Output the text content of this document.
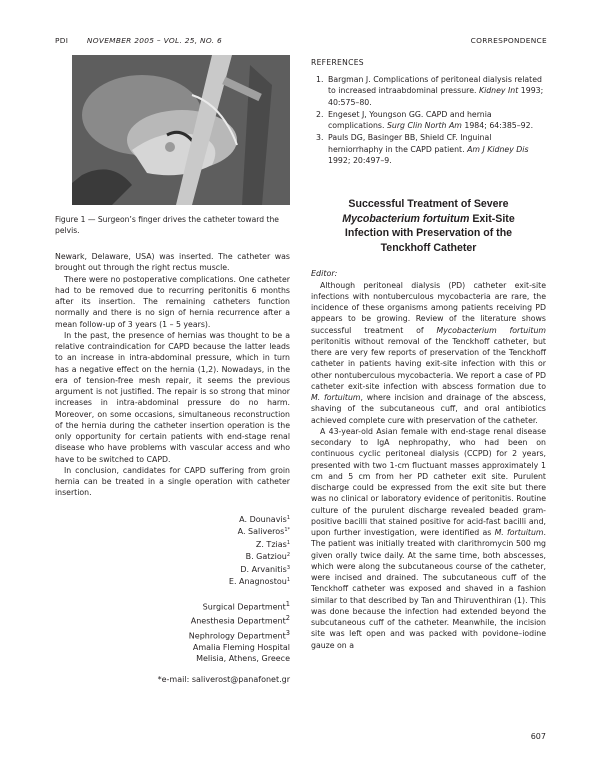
PDI	NOVEMBER 2005 – VOL. 25, NO. 6	CORRESPONDENCE
Figure 1 — Surgeon’s finger drives the catheter toward the pelvis.

Newark, Delaware, USA) was inserted. The catheter was brought out through the right rectus muscle.

There were no postoperative complications. One catheter had to be removed due to recurring peritonitis 6 months after its insertion. The remaining catheters function normally and there is no sign of hernia recurrence after a mean follow-up of 3 years (1 – 5 years).

In the past, the presence of hernias was thought to be a relative contraindication for CAPD because the latter leads to an increase in intra-abdominal pressure, which in turn has a negative effect on the hernia (1,2). Nowadays, in the era of tension-free mesh repair, it seems the previous argument is not justified. The repair is so strong that minor increases in intra-abdominal pressure do no harm. Moreover, on some occasions, simultaneous reconstruction of the hernia during the catheter insertion operation is the only opportunity for certain patients with end-stage renal disease who have problems with vascular access and who have to be switched to CAPD.

In conclusion, candidates for CAPD suffering from groin hernia can be treated in a single operation with catheter insertion.

A. Dounavis$^1$
A. Saliveros$^{1*}$
Z. Tzias$^1$
B. Gatziou$^2$
D. Arvanitis$^3$
E. Anagnostou$^1$
Surgical Department$^1$
Anesthesia Department$^2$
Nephrology Department$^3$
Amalia Fleming Hospital
Melisia, Athens, Greece
*e-mail: saliverost@panafonet.gr
REFERENCES
1. Bargman J. Complications of peritoneal dialysis related to increased intraabdominal pressure. Kidney Int 1993; 40:575–80.
2. Engeset J, Youngson GG. CAPD and hernia complications. Surg Clin North Am 1984; 64:385–92.
3. Pauls DG, Basinger BB, Shield CF. Inguinal herniorrhaphy in the CAPD patient. Am J Kidney Dis 1992; 20:497–9.
Successful Treatment of Severe
Mycobacterium fortuitum Exit-Site
Infection with Preservation of the
Tenckhoff Catheter
Editor:

Although peritoneal dialysis (PD) catheter exit-site infections with nontuberculous mycobacteria are rare, the incidence of these organisms among patients receiving PD appears to be growing. Review of the literature shows successful treatment of Mycobacterium fortuitum peritonitis without removal of the Tenckhoff catheter, but there are very few reports of preservation of the Tenckhoff catheter in patients having exit-site infection with this or other nontuberculous mycobacteria. We report a case of PD catheter exit-site infection with abscess formation due to M. fortuitum, where incision and drainage of the abscess, shaving of the subcutaneous cuff, and oral antibiotics achieved complete cure with preservation of the catheter.

A 43-year-old Asian female with end-stage renal disease secondary to IgA nephropathy, who had been on continuous cyclic peritoneal dialysis (CCPD) for 2 years, presented with two 1-cm fluctuant masses approximately 1 cm and 5 cm from her PD catheter exit site. Purulent discharge could be expressed from the exit site but there was no clinical or laboratory evidence of peritonitis. Routine culture of the purulent discharge revealed beaded gram-positive bacilli that stained positive for acid-fast bacilli and, upon further investigation, were identified as M. fortuitum. The patient was initially treated with clarithromycin 500 mg given orally twice daily. At the same time, both abscesses, which were along the subcutaneous course of the catheter, were incised and drained. The subcutaneous cuff of the Tenckhoff catheter was exposed and shaved in a fashion similar to that described by Tan and Thiruventhiran (1). This was done because the infection had extended beyond the subcutaneous cuff of the catheter. Meanwhile, the incision site was left open and was packed with povidone–iodine gauze on a

607
